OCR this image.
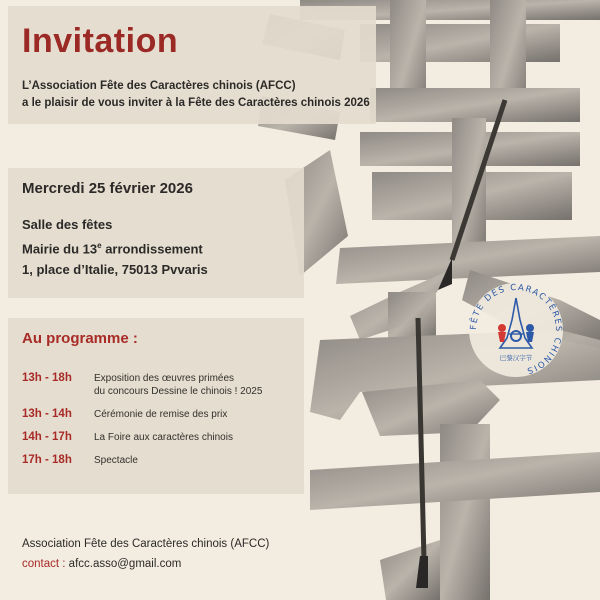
Invitation
L’Association Fête des Caractères chinois (AFCC)
a le plaisir de vous inviter à la Fête des Caractères chinois 2026
Mercredi 25 février 2026
Salle des fêtes
Mairie du 13e arrondissement
1, place d’Italie, 75013 Pvvaris
Au programme :
13h - 18h	Exposition des œuvres primées
du concours Dessine le chinois ! 2025
13h - 14h	Cérémonie de remise des prix
14h - 17h	La Foire aux caractères chinois
17h - 18h	Spectacle
Association Fête des Caractères chinois (AFCC)
contact : afcc.asso@gmail.com
FÊTE DES CARACTÈRES CHINOIS
巴黎汉字节
